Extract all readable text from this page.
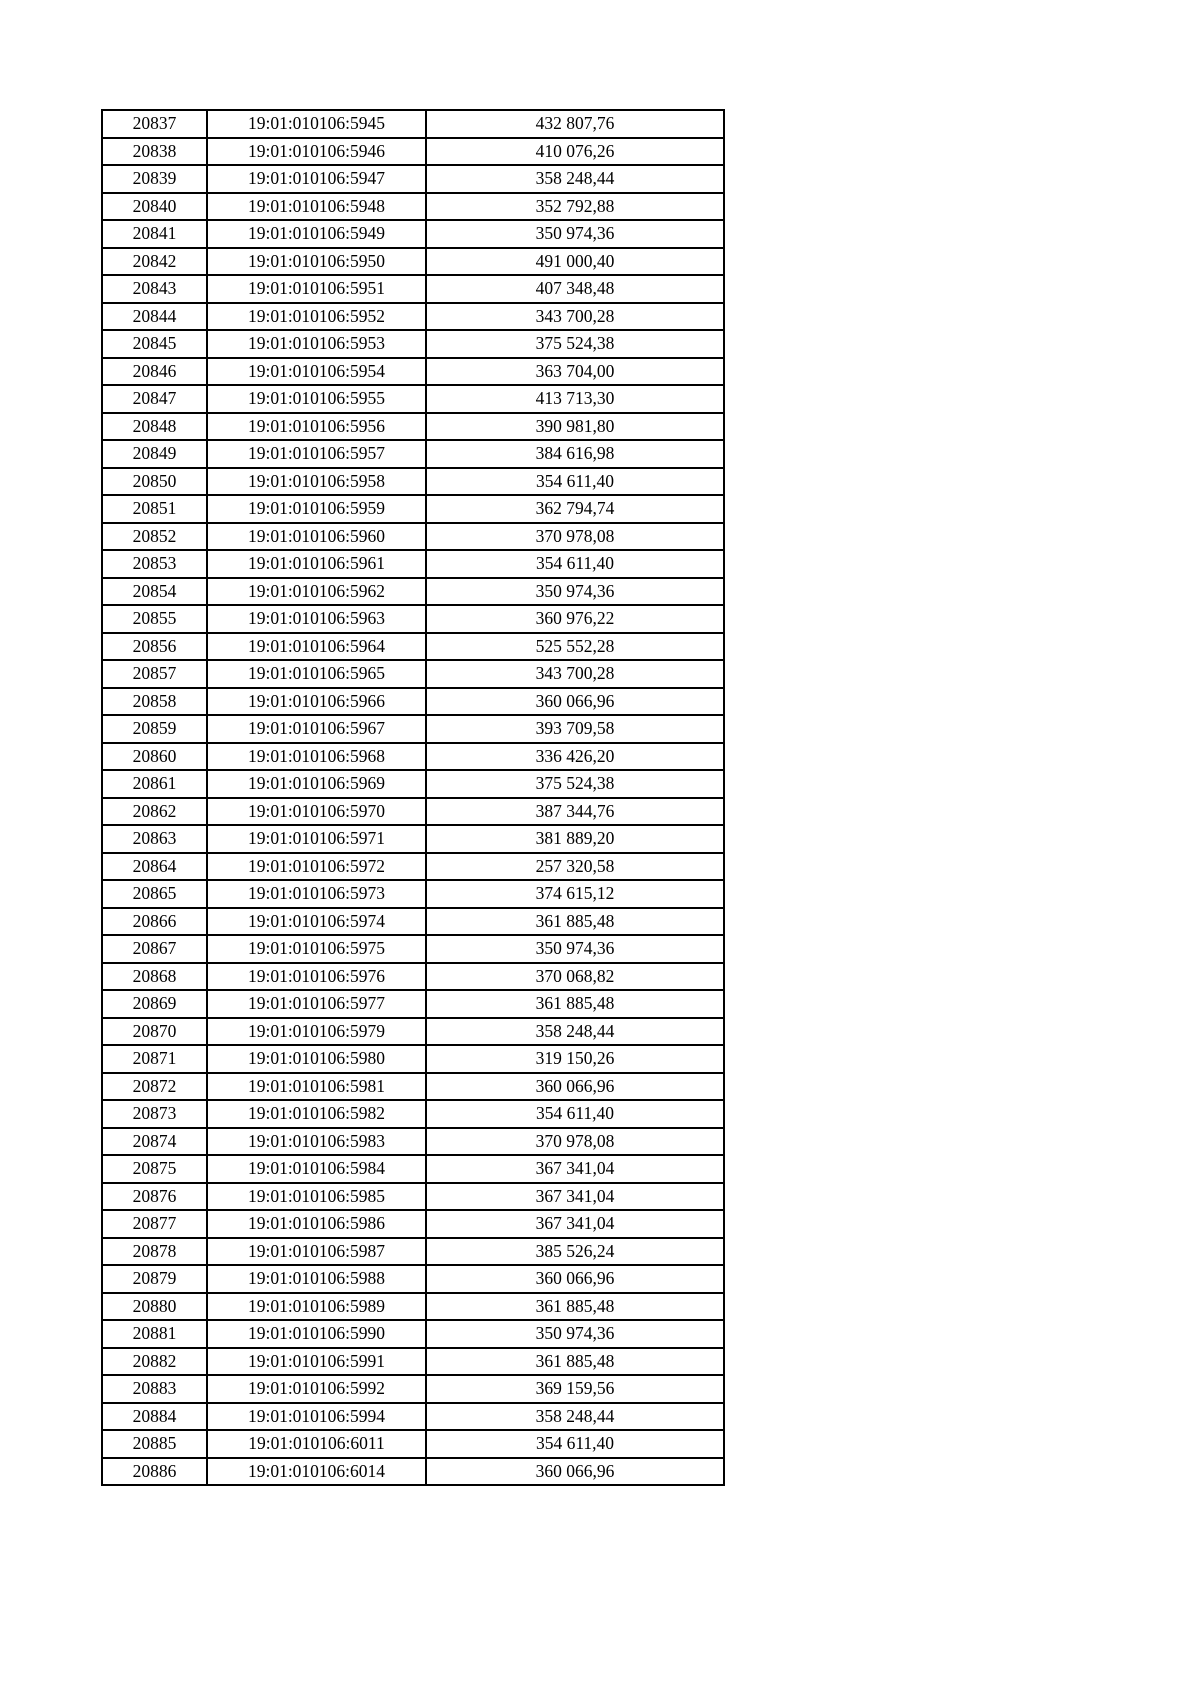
20837	19:01:010106:5945	432 807,76
20838	19:01:010106:5946	410 076,26
20839	19:01:010106:5947	358 248,44
20840	19:01:010106:5948	352 792,88
20841	19:01:010106:5949	350 974,36
20842	19:01:010106:5950	491 000,40
20843	19:01:010106:5951	407 348,48
20844	19:01:010106:5952	343 700,28
20845	19:01:010106:5953	375 524,38
20846	19:01:010106:5954	363 704,00
20847	19:01:010106:5955	413 713,30
20848	19:01:010106:5956	390 981,80
20849	19:01:010106:5957	384 616,98
20850	19:01:010106:5958	354 611,40
20851	19:01:010106:5959	362 794,74
20852	19:01:010106:5960	370 978,08
20853	19:01:010106:5961	354 611,40
20854	19:01:010106:5962	350 974,36
20855	19:01:010106:5963	360 976,22
20856	19:01:010106:5964	525 552,28
20857	19:01:010106:5965	343 700,28
20858	19:01:010106:5966	360 066,96
20859	19:01:010106:5967	393 709,58
20860	19:01:010106:5968	336 426,20
20861	19:01:010106:5969	375 524,38
20862	19:01:010106:5970	387 344,76
20863	19:01:010106:5971	381 889,20
20864	19:01:010106:5972	257 320,58
20865	19:01:010106:5973	374 615,12
20866	19:01:010106:5974	361 885,48
20867	19:01:010106:5975	350 974,36
20868	19:01:010106:5976	370 068,82
20869	19:01:010106:5977	361 885,48
20870	19:01:010106:5979	358 248,44
20871	19:01:010106:5980	319 150,26
20872	19:01:010106:5981	360 066,96
20873	19:01:010106:5982	354 611,40
20874	19:01:010106:5983	370 978,08
20875	19:01:010106:5984	367 341,04
20876	19:01:010106:5985	367 341,04
20877	19:01:010106:5986	367 341,04
20878	19:01:010106:5987	385 526,24
20879	19:01:010106:5988	360 066,96
20880	19:01:010106:5989	361 885,48
20881	19:01:010106:5990	350 974,36
20882	19:01:010106:5991	361 885,48
20883	19:01:010106:5992	369 159,56
20884	19:01:010106:5994	358 248,44
20885	19:01:010106:6011	354 611,40
20886	19:01:010106:6014	360 066,96
